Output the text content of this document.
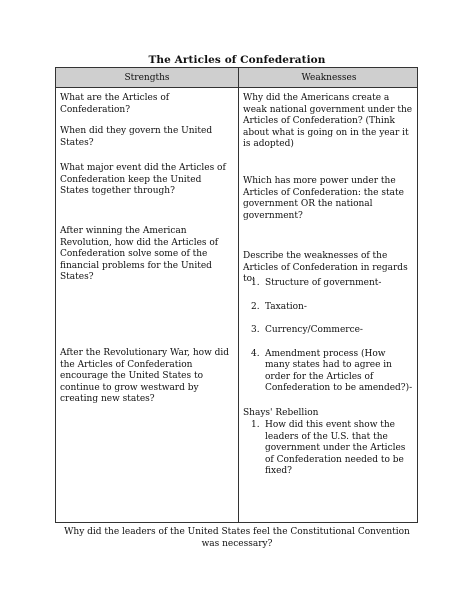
The Articles of Confederation
Strengths	Weaknesses

What are the Articles of Confederation?

When did they govern the United States?

What major event did the Articles of Confederation keep the United States together through?

After winning the American Revolution, how did the Articles of Confederation solve some of the financial problems for the United States?

After the Revolutionary War, how did the Articles of Confederation encourage the United States to continue to grow westward by creating new states?

Why did the Americans create a weak national government under the Articles of Confederation? (Think about what is going on in the year it is adopted)

Which has more power under the Articles of Confederation: the state government OR the national government?

Describe the weaknesses of the Articles of Confederation in regards to:

1. Structure of government-
2. Taxation-
3. Currency/Commerce-
4. Amendment process (How many states had to agree in order for the Articles of Confederation to be amended?)-

Shays' Rebellion

1. How did this event show the leaders of the U.S. that the government under the Articles of Confederation needed to be fixed?
Why did the leaders of the United States feel the Constitutional Convention was necessary?
